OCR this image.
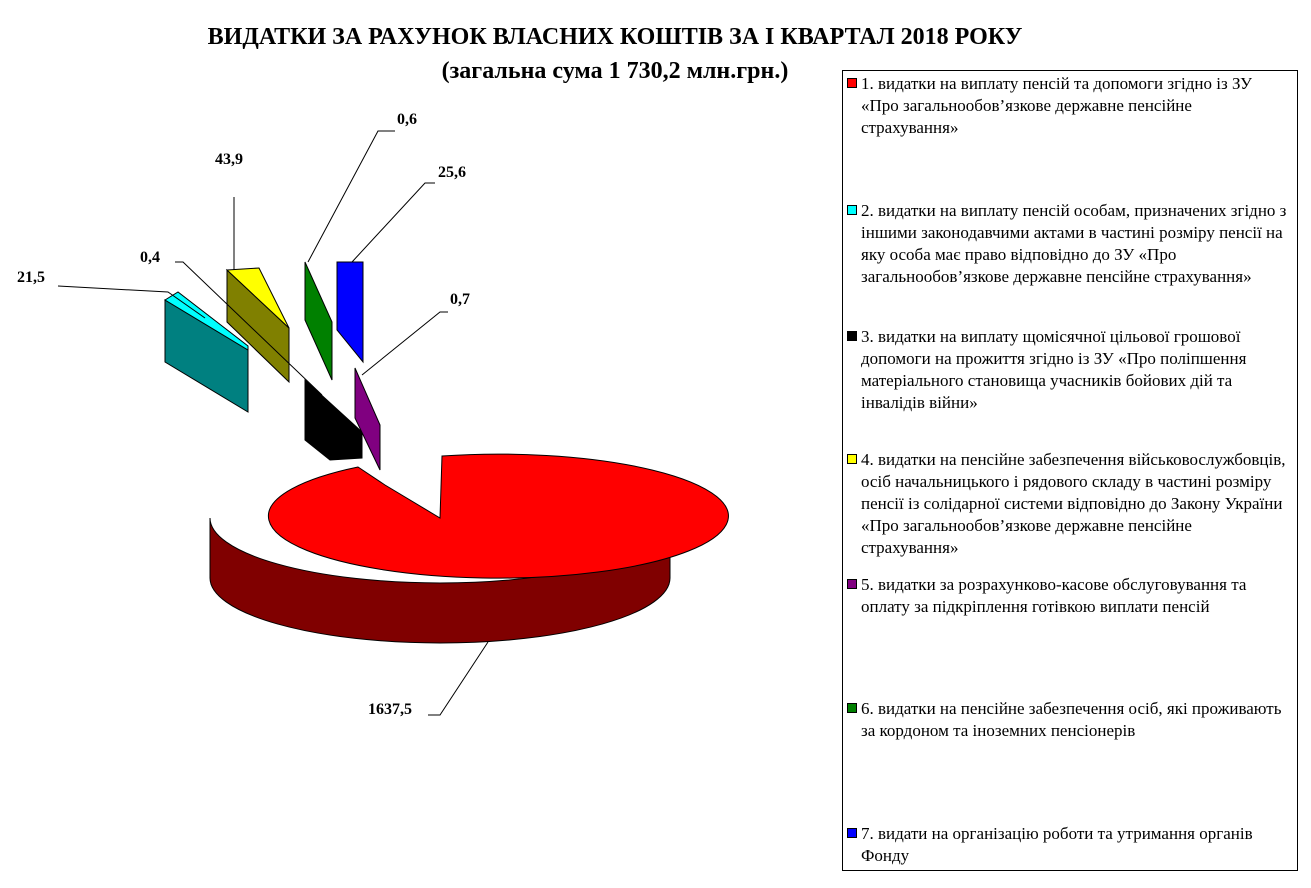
ВИДАТКИ ЗА РАХУНОК ВЛАСНИХ КОШТІВ ЗА І КВАРТАЛ 2018 РОКУ
(загальна сума 1 730,2 млн.грн.)
1637,5
21,5
0,4
43,9
0,7
0,6
25,6
1. видатки на виплату пенсій та допомоги згідно із ЗУ «Про загальнообов’язкове державне пенсійне страхування»
2. видатки на виплату пенсій особам, призначених згідно з іншими законодавчими актами в частині розміру пенсії на яку особа має право відповідно до ЗУ «Про загальнообов’язкове державне пенсійне страхування»
3. видатки на виплату щомісячної цільової грошової допомоги на прожиття згідно із ЗУ «Про поліпшення матеріального становища учасників бойових дій та інвалідів війни»
4. видатки на пенсійне забезпечення військовослужбовців, осіб начальницького і рядового складу в частині розміру пенсії із солідарної системи відповідно до Закону України «Про загальнообов’язкове державне пенсійне страхування»
5. видатки за розрахунково-касове обслуговування та оплату за підкріплення готівкою виплати пенсій
6. видатки на пенсійне забезпечення осіб, які проживають за кордоном та іноземних пенсіонерів
7. видати на організацію роботи та утримання органів Фонду
